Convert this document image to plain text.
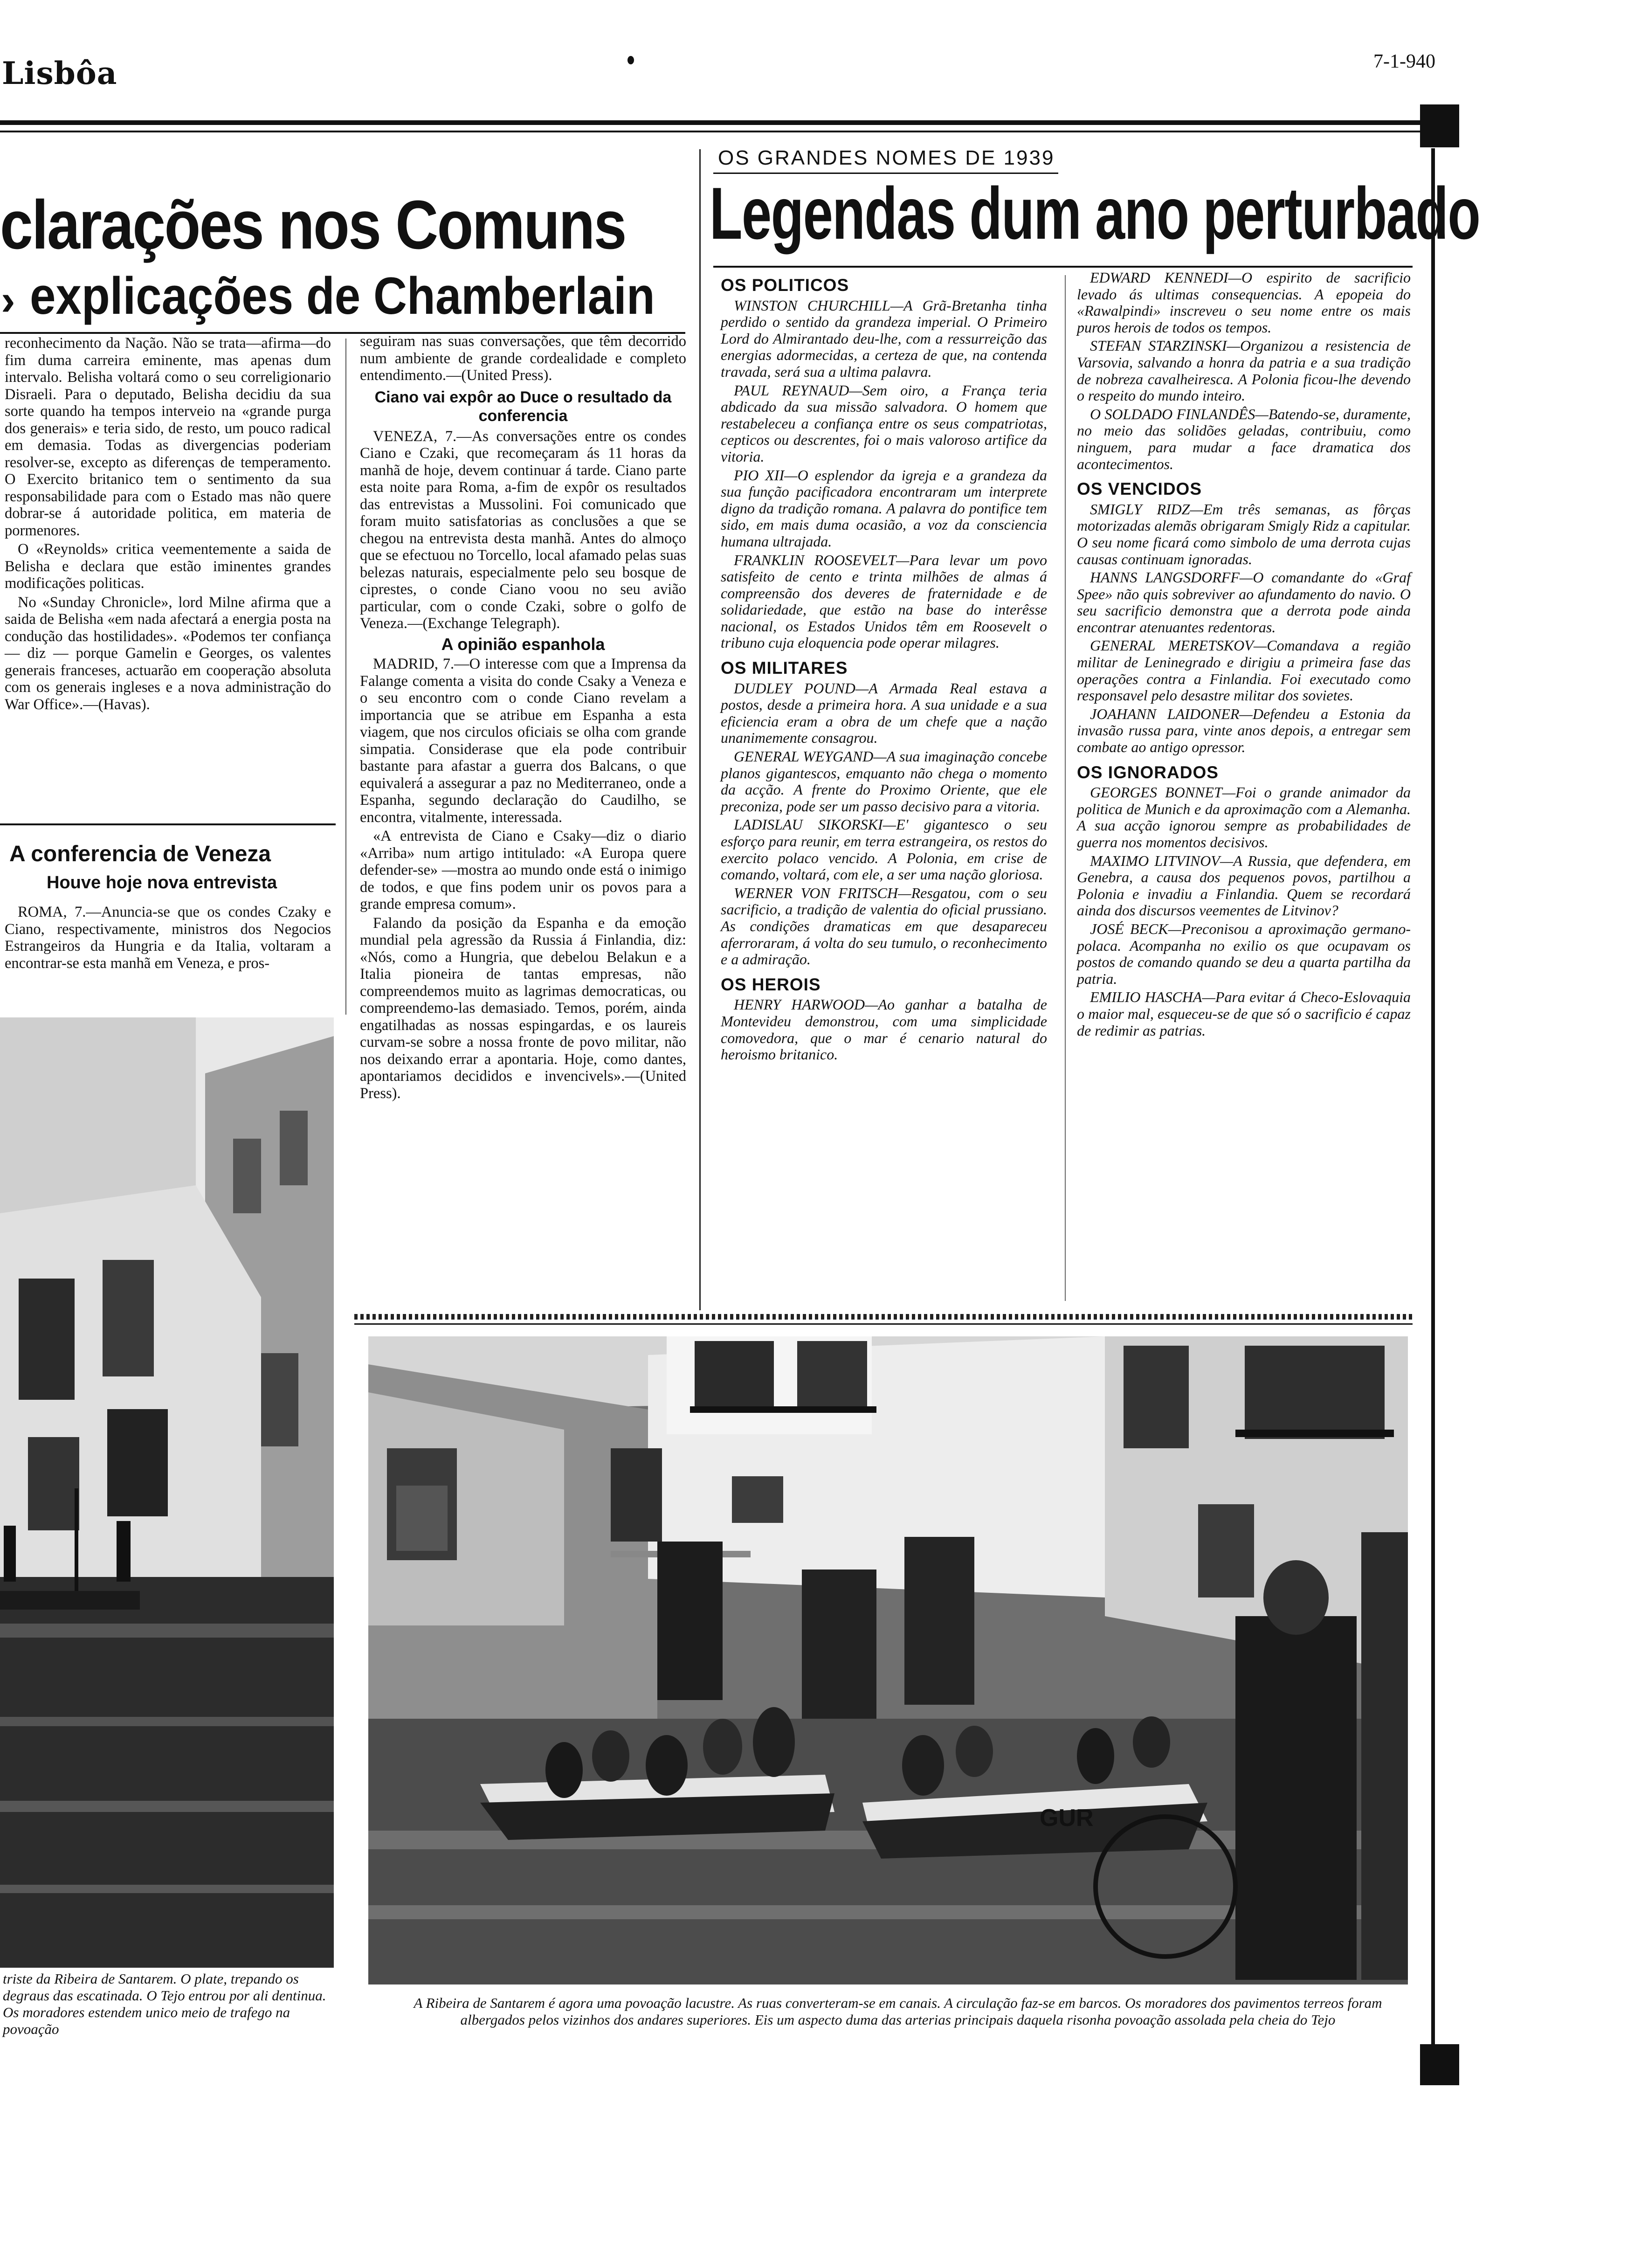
Lisbôa	7-1-940
clarações nos Comuns
› explicações de Chamberlain

reconhecimento da Nação. Não se trata—afirma—do fim duma carreira eminente, mas apenas dum intervalo. Belisha voltará como o seu correligionario Disraeli. Para o deputado, Belisha decidiu da sua sorte quando ha tempos interveio na «grande purga dos generais» e teria sido, de resto, um pouco radical em demasia. Todas as divergencias poderiam resolver-se, excepto as diferenças de temperamento. O Exercito britanico tem o sentimento da sua responsabilidade para com o Estado mas não quere dobrar-se á autoridade politica, em materia de pormenores.

O «Reynolds» critica veementemente a saida de Belisha e declara que estão iminentes grandes modificações politicas.

No «Sunday Chronicle», lord Milne afirma que a saida de Belisha «em nada afectará a energia posta na condução das hostilidades». «Podemos ter confiança — diz — porque Gamelin e Georges, os valentes generais franceses, actuarão em cooperação absoluta com os generais ingleses e a nova administração do War Office».—(Havas).

A conferencia de Veneza
Houve hoje nova entrevista

ROMA, 7.—Anuncia-se que os condes Czaky e Ciano, respectivamente, ministros dos Negocios Estrangeiros da Hungria e da Italia, voltaram a encontrar-se esta manhã em Veneza, e pros-

seguiram nas suas conversações, que têm decorrido num ambiente de grande cordealidade e completo entendimento.—(United Press).

Ciano vai expôr ao Duce o resultado da conferencia

VENEZA, 7.—As conversações entre os condes Ciano e Czaki, que recomeçaram ás 11 horas da manhã de hoje, devem continuar á tarde. Ciano parte esta noite para Roma, a-fim de expôr os resultados das entrevistas a Mussolini. Foi comunicado que foram muito satisfatorias as conclusões a que se chegou na entrevista desta manhã. Antes do almoço que se efectuou no Torcello, local afamado pelas suas belezas naturais, especialmente pelo seu bosque de ciprestes, o conde Ciano voou no seu avião particular, com o conde Czaki, sobre o golfo de Veneza.—(Exchange Telegraph).

A opinião espanhola

MADRID, 7.—O interesse com que a Imprensa da Falange comenta a visita do conde Csaky a Veneza e o seu encontro com o conde Ciano revelam a importancia que se atribue em Espanha a esta viagem, que nos circulos oficiais se olha com grande simpatia. Considerase que ela pode contribuir bastante para afastar a guerra dos Balcans, o que equivalerá a assegurar a paz no Mediterraneo, onde a Espanha, segundo declaração do Caudilho, se encontra, vitalmente, interessada.

«A entrevista de Ciano e Csaky—diz o diario «Arriba» num artigo intitulado: «A Europa quere defender-se» —mostra ao mundo onde está o inimigo de todos, e que fins podem unir os povos para a grande empresa comum».

Falando da posição da Espanha e da emoção mundial pela agressão da Russia á Finlandia, diz: «Nós, como a Hungria, que debelou Belakun e a Italia pioneira de tantas empresas, não compreendemos muito as lagrimas democraticas, ou compreendemo-las demasiado. Temos, porém, ainda engatilhadas as nossas espingardas, e os laureis curvam-se sobre a nossa fronte de povo militar, não nos deixando errar a apontaria. Hoje, como dantes, apontariamos decididos e invencivels».—(United Press).

triste da Ribeira de Santarem. O plate, trepando os degraus das escatinada. O Tejo entrou por ali dentinua. Os moradores estendem unico meio de trafego na povoação
OS GRANDES NOMES DE 1939
Legendas dum ano perturbado
OS POLITICOS

WINSTON CHURCHILL—A Grã-Bretanha tinha perdido o sentido da grandeza imperial. O Primeiro Lord do Almirantado deu-lhe, com a ressurreição das energias adormecidas, a certeza de que, na contenda travada, será sua a ultima palavra.

PAUL REYNAUD—Sem oiro, a França teria abdicado da sua missão salvadora. O homem que restabeleceu a confiança entre os seus compatriotas, cepticos ou descrentes, foi o mais valoroso artifice da vitoria.

PIO XII—O esplendor da igreja e a grandeza da sua função pacificadora encontraram um interprete digno da tradição romana. A palavra do pontifice tem sido, em mais duma ocasião, a voz da consciencia humana ultrajada.

FRANKLIN ROOSEVELT—Para levar um povo satisfeito de cento e trinta milhões de almas á compreensão dos deveres de fraternidade e de solidariedade, que estão na base do interêsse nacional, os Estados Unidos têm em Roosevelt o tribuno cuja eloquencia pode operar milagres.

OS MILITARES

DUDLEY POUND—A Armada Real estava a postos, desde a primeira hora. A sua unidade e a sua eficiencia eram a obra de um chefe que a nação unanimemente consagrou.

GENERAL WEYGAND—A sua imaginação concebe planos gigantescos, emquanto não chega o momento da acção. A frente do Proximo Oriente, que ele preconiza, pode ser um passo decisivo para a vitoria.

LADISLAU SIKORSKI—E' gigantesco o seu esforço para reunir, em terra estrangeira, os restos do exercito polaco vencido. A Polonia, em crise de comando, voltará, com ele, a ser uma nação gloriosa.

WERNER VON FRITSCH—Resgatou, com o seu sacrificio, a tradição de valentia do oficial prussiano. As condições dramaticas em que desapareceu aferroraram, á volta do seu tumulo, o reconhecimento e a admiração.

OS HEROIS

HENRY HARWOOD—Ao ganhar a batalha de Montevideu demonstrou, com uma simplicidade comovedora, que o mar é cenario natural do heroismo britanico.

EDWARD KENNEDI—O espirito de sacrificio levado ás ultimas consequencias. A epopeia do «Rawalpindi» inscreveu o seu nome entre os mais puros herois de todos os tempos.

STEFAN STARZINSKI—Organizou a resistencia de Varsovia, salvando a honra da patria e a sua tradição de nobreza cavalheiresca. A Polonia ficou-lhe devendo o respeito do mundo inteiro.

O SOLDADO FINLANDÊS—Batendo-se, duramente, no meio das solidões geladas, contribuiu, como ninguem, para mudar a face dramatica dos acontecimentos.

OS VENCIDOS

SMIGLY RIDZ—Em três semanas, as fôrças motorizadas alemãs obrigaram Smigly Ridz a capitular. O seu nome ficará como simbolo de uma derrota cujas causas continuam ignoradas.

HANNS LANGSDORFF—O comandante do «Graf Spee» não quis sobreviver ao afundamento do navio. O seu sacrificio demonstra que a derrota pode ainda encontrar atenuantes redentoras.

GENERAL MERETSKOV—Comandava a região militar de Leninegrado e dirigiu a primeira fase das operações contra a Finlandia. Foi executado como responsavel pelo desastre militar dos sovietes.

JOAHANN LAIDONER—Defendeu a Estonia da invasão russa para, vinte anos depois, a entregar sem combate ao antigo opressor.

OS IGNORADOS

GEORGES BONNET—Foi o grande animador da politica de Munich e da aproximação com a Alemanha. A sua acção ignorou sempre as probabilidades de guerra nos momentos decisivos.

MAXIMO LITVINOV—A Russia, que defendera, em Genebra, a causa dos pequenos povos, partilhou a Polonia e invadiu a Finlandia. Quem se recordará ainda dos discursos veementes de Litvinov?

JOSÉ BECK—Preconisou a aproximação germano-polaca. Acompanha no exilio os que ocupavam os postos de comando quando se deu a quarta partilha da patria.

EMILIO HASCHA—Para evitar á Checo-Eslovaquia o maior mal, esqueceu-se de que só o sacrificio é capaz de redimir as patrias.

GUR
A Ribeira de Santarem é agora uma povoação lacustre. As ruas converteram-se em canais. A circulação faz-se em barcos. Os moradores dos pavimentos terreos foram albergados pelos vizinhos dos andares superiores. Eis um aspecto duma das arterias principais daquela risonha povoação assolada pela cheia do Tejo
